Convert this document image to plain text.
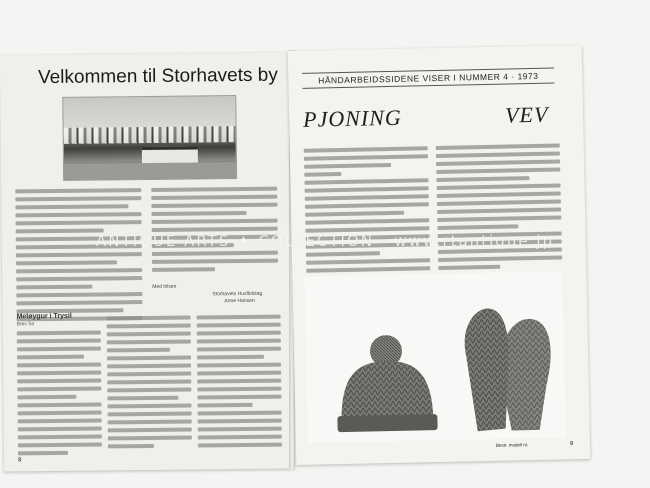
Velkommen til Storhavets by
Med hilsen
Storhavets Husflidslag
Anne Hansen
Meløygur i Trysil
Brev fra
8
HÅNDARBEIDSSIDENE VISER I NUMMER 4 · 1973
PJONING	VEV
Bestr. modell nr.	9
ANTIQUE ARTS ✦ COLLECTION · www.rtantique.jp
